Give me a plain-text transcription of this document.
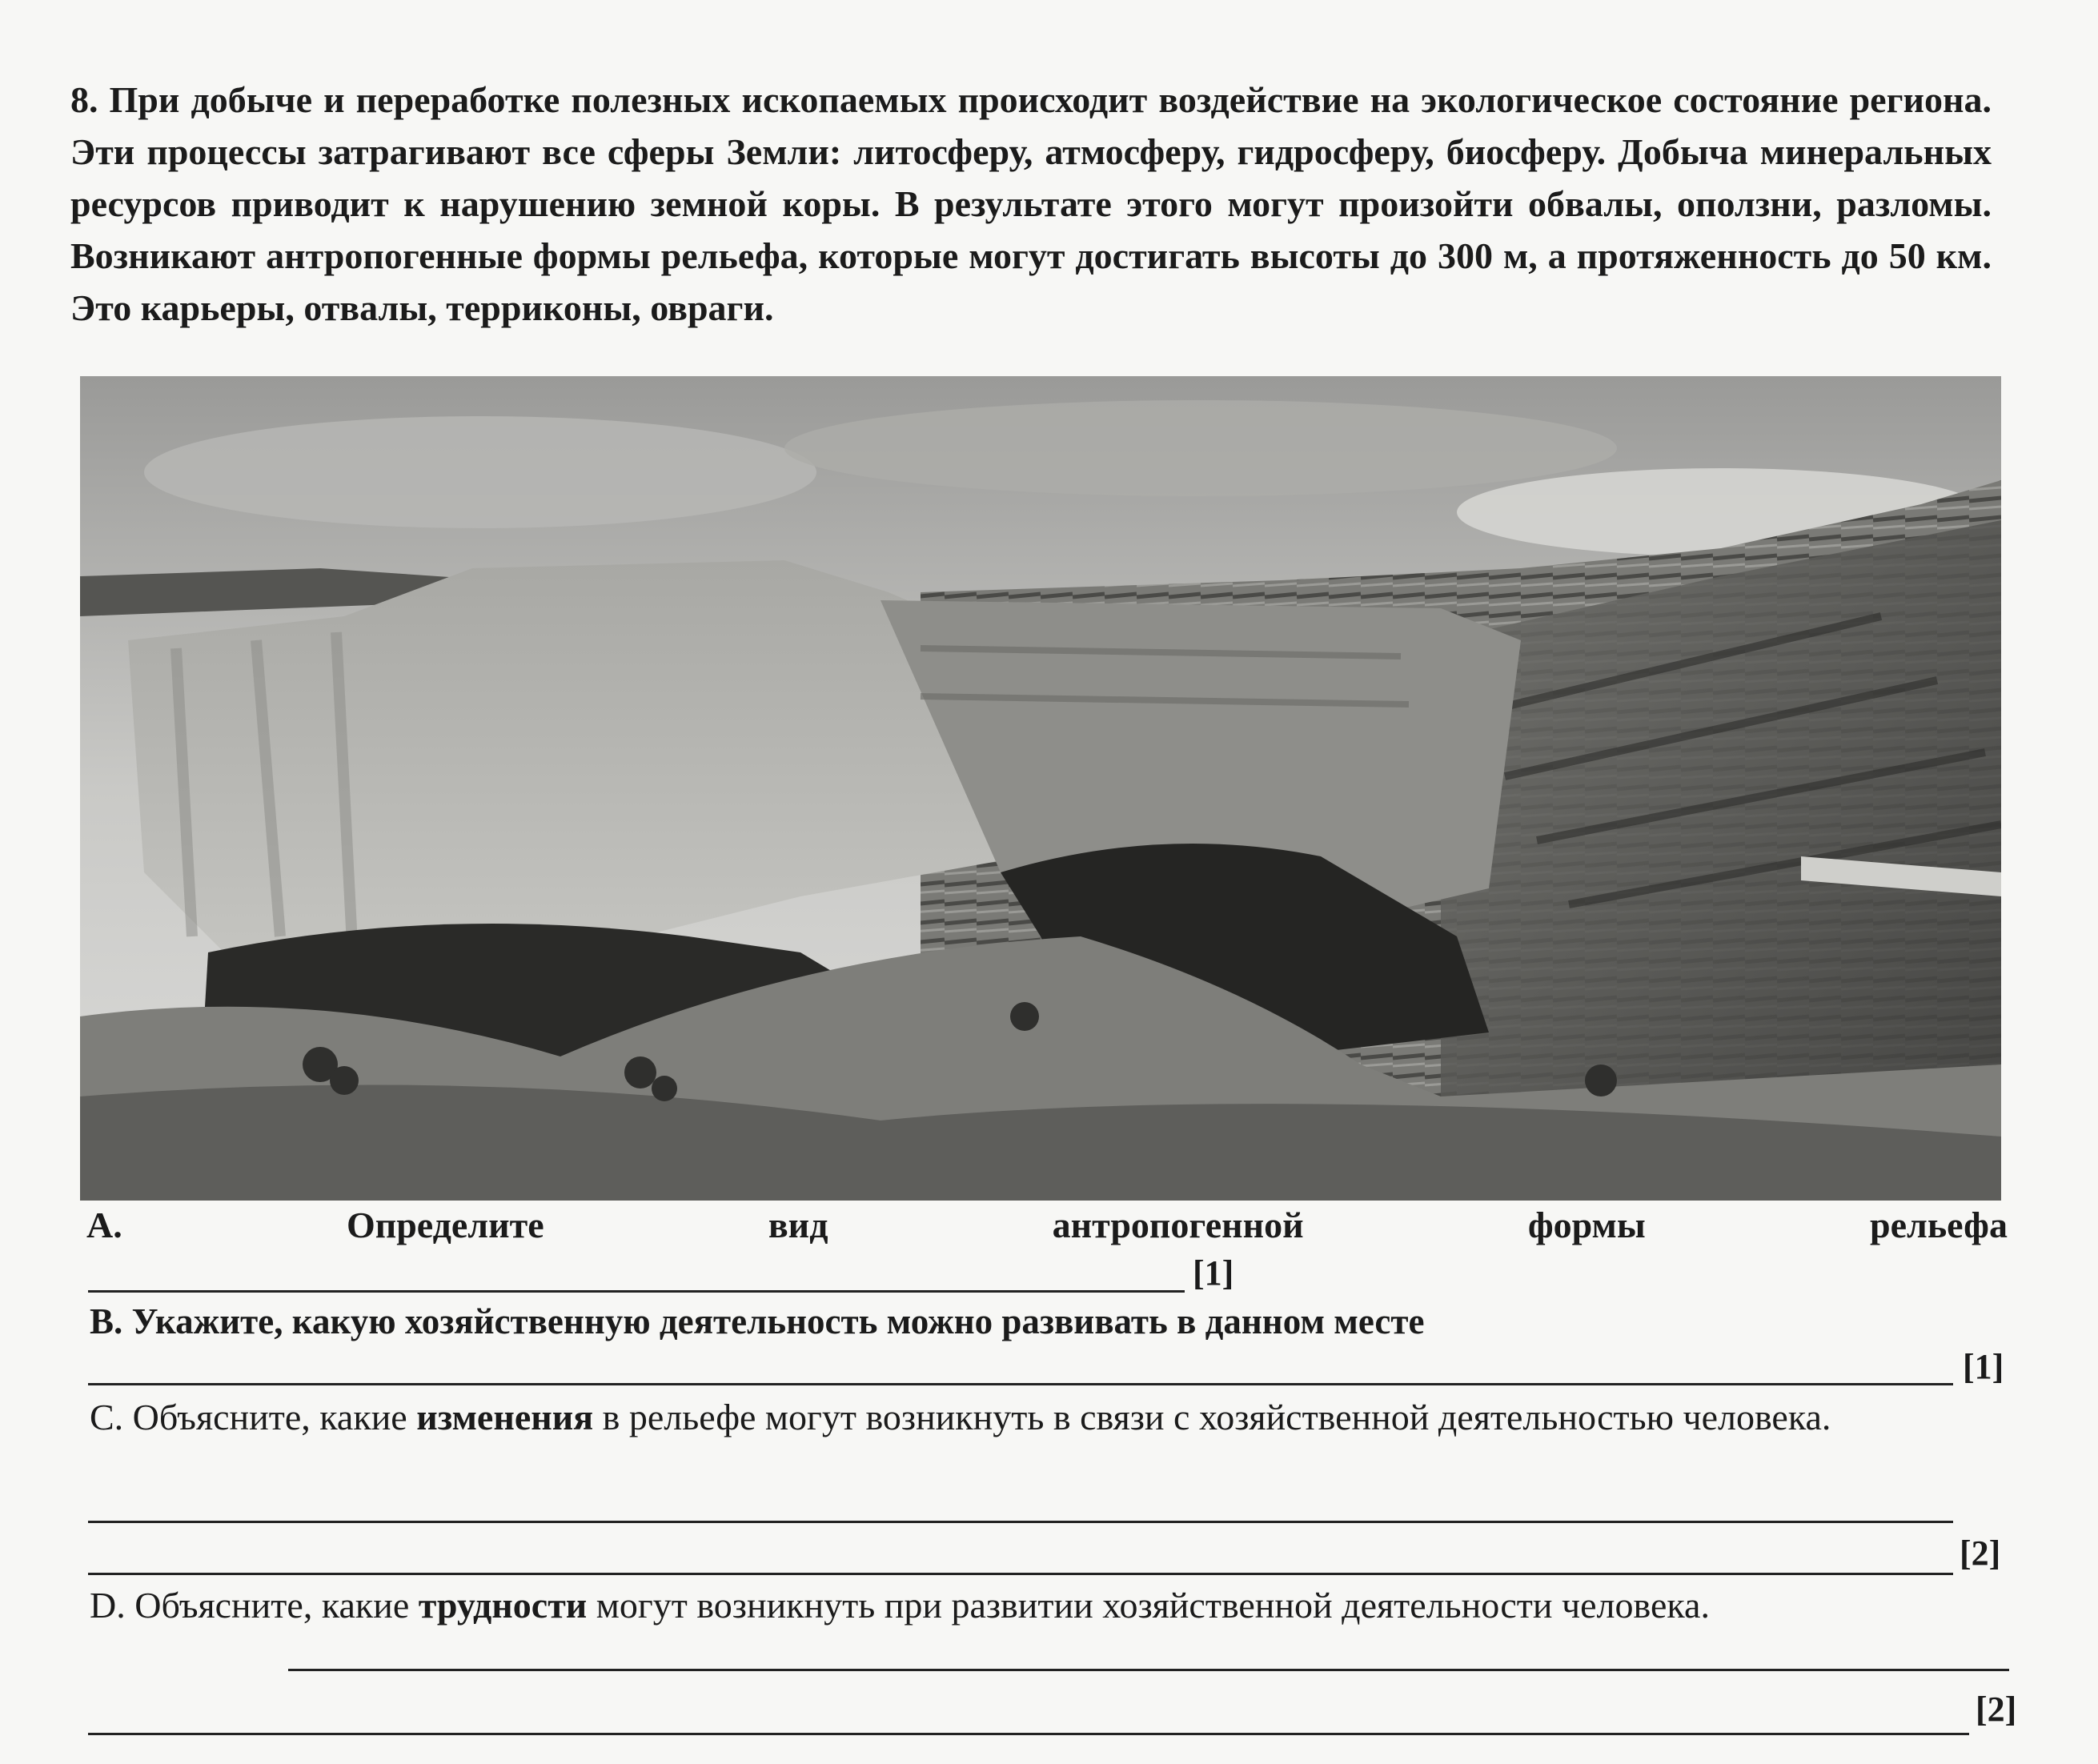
8. При добыче и переработке полезных ископаемых происходит воздействие на экологическое состояние региона. Эти процессы затрагивают все сферы Земли: литосферу, атмосферу, гидросферу, биосферу. Добыча минеральных ресурсов приводит к нарушению земной коры. В результате этого могут произойти обвалы, оползни, разломы. Возникают антропогенные формы рельефа, которые могут достигать высоты до 300 м, а протяженность до 50 км. Это карьеры, отвалы, терриконы, овраги.
А.	Определите	вид	антропогенной	формы	рельефа
[1]
В. Укажите, какую хозяйственную деятельность можно развивать в данном месте
[1]
С. Объясните, какие изменения в рельефе могут возникнуть в связи с хозяйственной деятельностью человека.
[2]
D. Объясните, какие трудности могут возникнуть при развитии хозяйственной деятельности человека.
[2]
